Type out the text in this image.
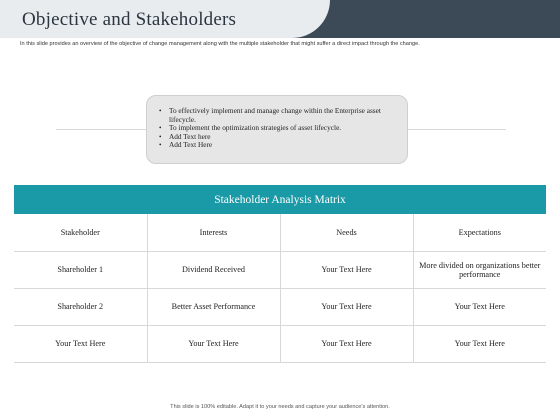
Objective and Stakeholders
In this slide provides an overview of the objective of change management along with the multiple stakeholder that might suffer a direct impact through the change.
• To effectively implement and manage change within the Enterprise asset lifecycle.
• To implement the optimization strategies of asset lifecycle.
• Add Text here
• Add Text Here
Stakeholder Analysis Matrix
Stakeholder	Interests	Needs	Expectations
Shareholder 1	Dividend Received	Your Text Here	More divided on organizations better performance
Shareholder 2	Better Asset Performance	Your Text Here	Your Text Here
Your Text Here	Your Text Here	Your Text Here	Your Text Here
This slide is 100% editable. Adapt it to your needs and capture your audience's attention.
